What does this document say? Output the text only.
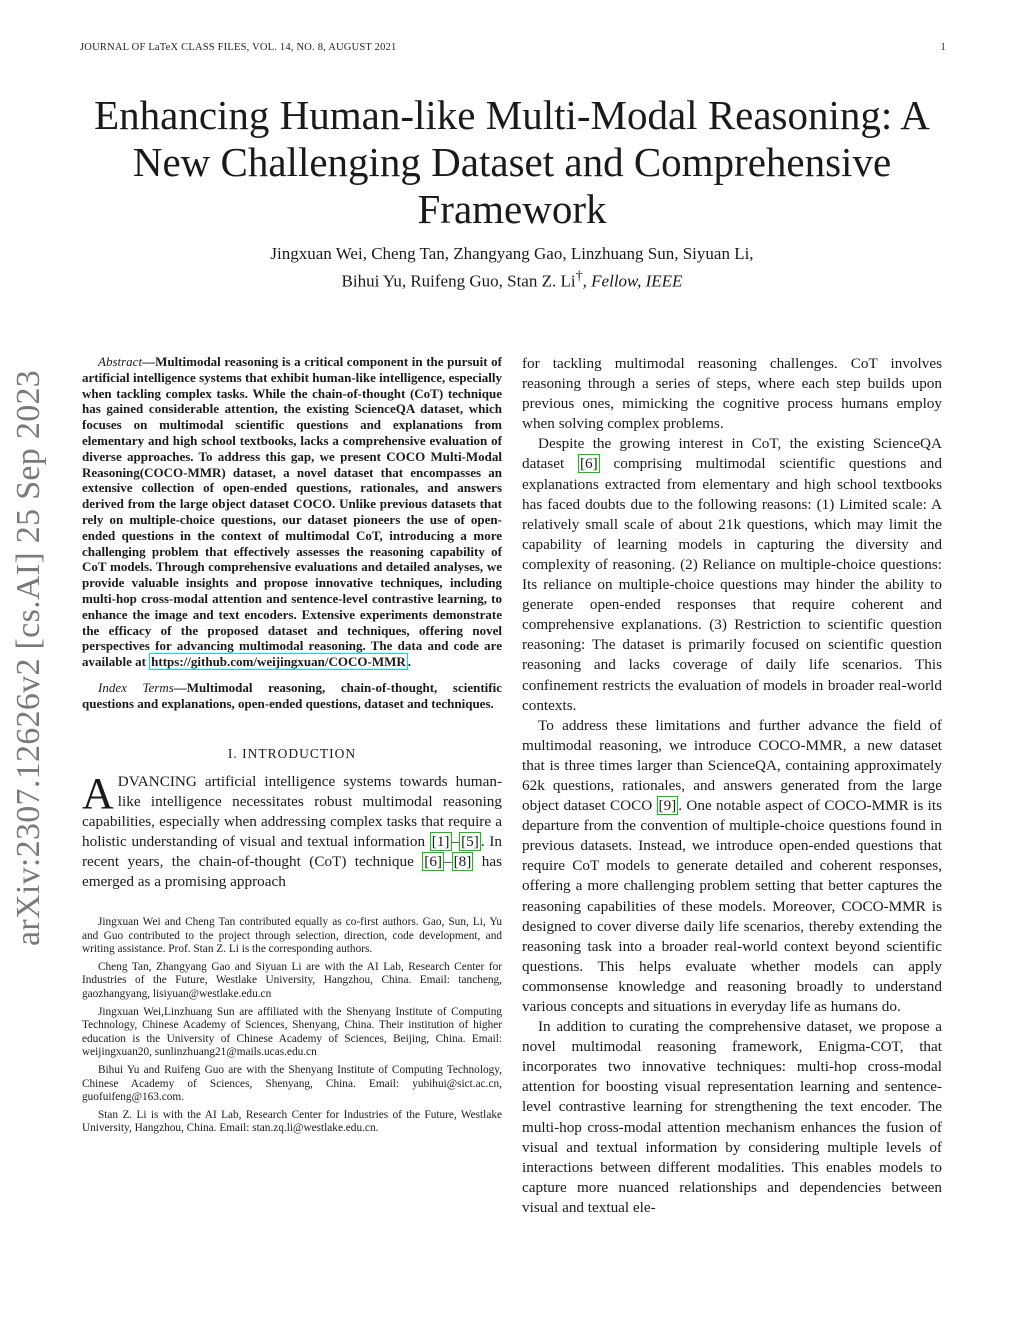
JOURNAL OF LaTeX CLASS FILES, VOL. 14, NO. 8, AUGUST 2021	1
Enhancing Human-like Multi-Modal Reasoning: A New Challenging Dataset and Comprehensive Framework
Jingxuan Wei, Cheng Tan, Zhangyang Gao, Linzhuang Sun, Siyuan Li,
Bihui Yu, Ruifeng Guo, Stan Z. Li†, Fellow, IEEE
arXiv:2307.12626v2 [cs.AI] 25 Sep 2023

Abstract—Multimodal reasoning is a critical component in the pursuit of artificial intelligence systems that exhibit human-like intelligence, especially when tackling complex tasks. While the chain-of-thought (CoT) technique has gained considerable attention, the existing ScienceQA dataset, which focuses on multimodal scientific questions and explanations from elementary and high school textbooks, lacks a comprehensive evaluation of diverse approaches. To address this gap, we present COCO Multi-Modal Reasoning(COCO-MMR) dataset, a novel dataset that encompasses an extensive collection of open-ended questions, rationales, and answers derived from the large object dataset COCO. Unlike previous datasets that rely on multiple-choice questions, our dataset pioneers the use of open-ended questions in the context of multimodal CoT, introducing a more challenging problem that effectively assesses the reasoning capability of CoT models. Through comprehensive evaluations and detailed analyses, we provide valuable insights and propose innovative techniques, including multi-hop cross-modal attention and sentence-level contrastive learning, to enhance the image and text encoders. Extensive experiments demonstrate the efficacy of the proposed dataset and techniques, offering novel perspectives for advancing multimodal reasoning. The data and code are available at https://github.com/weijingxuan/COCO-MMR .

Index Terms—Multimodal reasoning, chain-of-thought, scientific questions and explanations, open-ended questions, dataset and techniques.

I. INTRODUCTION

ADVANCING artificial intelligence systems towards human-like intelligence necessitates robust multimodal reasoning capabilities, especially when addressing complex tasks that require a holistic understanding of visual and textual information [1] – [5] . In recent years, the chain-of-thought (CoT) technique [6] – [8] has emerged as a promising approach

Jingxuan Wei and Cheng Tan contributed equally as co-first authors. Gao, Sun, Li, Yu and Guo contributed to the project through selection, direction, code development, and writing assistance. Prof. Stan Z. Li is the corresponding authors.

Cheng Tan, Zhangyang Gao and Siyuan Li are with the AI Lab, Research Center for Industries of the Future, Westlake University, Hangzhou, China. Email: tancheng, gaozhangyang, lisiyuan@westlake.edu.cn

Jingxuan Wei,Linzhuang Sun are affiliated with the Shenyang Institute of Computing Technology, Chinese Academy of Sciences, Shenyang, China. Their institution of higher education is the University of Chinese Academy of Sciences, Beijing, China. Email: weijingxuan20, sunlinzhuang21@mails.ucas.edu.cn

Bihui Yu and Ruifeng Guo are with the Shenyang Institute of Computing Technology, Chinese Academy of Sciences, Shenyang, China. Email: yubihui@sict.ac.cn, guofuifeng@163.com.

Stan Z. Li is with the AI Lab, Research Center for Industries of the Future, Westlake University, Hangzhou, China. Email: stan.zq.li@westlake.edu.cn.

for tackling multimodal reasoning challenges. CoT involves reasoning through a series of steps, where each step builds upon previous ones, mimicking the cognitive process humans employ when solving complex problems.

Despite the growing interest in CoT, the existing ScienceQA dataset [6] comprising multimodal scientific questions and explanations extracted from elementary and high school textbooks has faced doubts due to the following reasons: (1) Limited scale: A relatively small scale of about 21k questions, which may limit the capability of learning models in capturing the diversity and complexity of reasoning. (2) Reliance on multiple-choice questions: Its reliance on multiple-choice questions may hinder the ability to generate open-ended responses that require coherent and comprehensive explanations. (3) Restriction to scientific question reasoning: The dataset is primarily focused on scientific question reasoning and lacks coverage of daily life scenarios. This confinement restricts the evaluation of models in broader real-world contexts.

To address these limitations and further advance the field of multimodal reasoning, we introduce COCO-MMR, a new dataset that is three times larger than ScienceQA, containing approximately 62k questions, rationales, and answers generated from the large object dataset COCO [9] . One notable aspect of COCO-MMR is its departure from the convention of multiple-choice questions found in previous datasets. Instead, we introduce open-ended questions that require CoT models to generate detailed and coherent responses, offering a more challenging problem setting that better captures the reasoning capabilities of these models. Moreover, COCO-MMR is designed to cover diverse daily life scenarios, thereby extending the reasoning task into a broader real-world context beyond scientific questions. This helps evaluate whether models can apply commonsense knowledge and reasoning broadly to understand various concepts and situations in everyday life as humans do.

In addition to curating the comprehensive dataset, we propose a novel multimodal reasoning framework, Enigma-COT, that incorporates two innovative techniques: multi-hop cross-modal attention for boosting visual representation learning and sentence-level contrastive learning for strengthening the text encoder. The multi-hop cross-modal attention mechanism enhances the fusion of visual and textual information by considering multiple levels of interactions between different modalities. This enables models to capture more nuanced relationships and dependencies between visual and textual ele-
